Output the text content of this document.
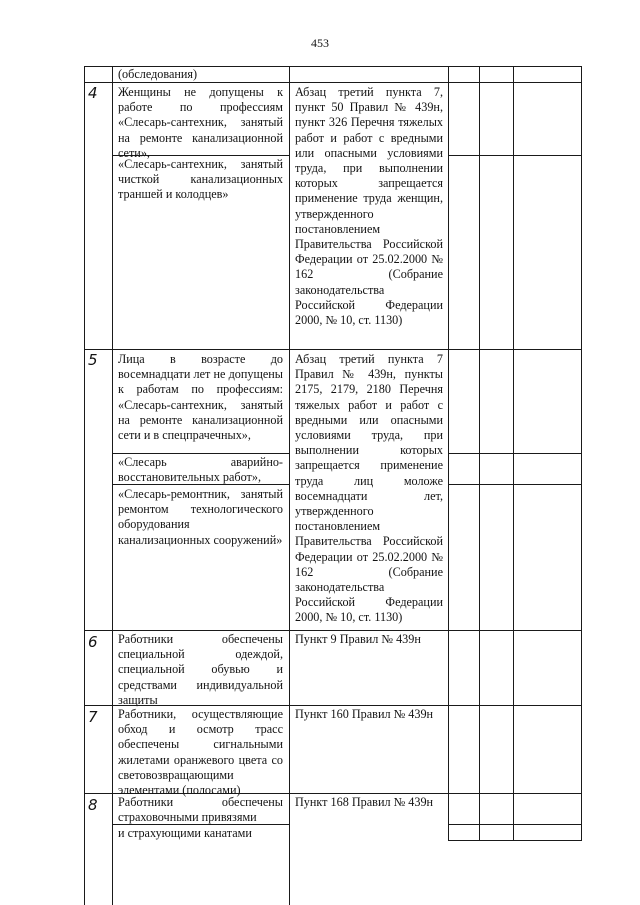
453
(обследования)
4 Женщины не допущены к работе по профессиям «Слесарь-сантехник, занятый на ремонте канализационной сети»,
«Слесарь-сантехник, занятый чисткой канализационных траншей и колодцев»
Абзац третий пункта 7, пункт 50 Правил № 439н, пункт 326 Перечня тяжелых работ и работ с вредными или опасными условиями труда, при выполнении которых запрещается применение труда женщин, утвержденного постановлением Правительства Российской Федерации от 25.02.2000 № 162 (Собрание законодательства Российской Федерации 2000, № 10, ст. 1130)
5 Лица в возрасте до восемнадцати лет не допущены к работам по профессиям: «Слесарь-сантехник, занятый на ремонте канализационной сети и в спецпрачечных»,
«Слесарь аварийно-восстановительных работ»,
«Слесарь-ремонтник, занятый ремонтом технологического оборудования канализационных сооружений»
Абзац третий пункта 7 Правил № 439н, пункты 2175, 2179, 2180 Перечня тяжелых работ и работ с вредными или опасными условиями труда, при выполнении которых запрещается применение труда лиц моложе восемнадцати лет, утвержденного постановлением Правительства Российской Федерации от 25.02.2000 № 162 (Собрание законодательства Российской Федерации 2000, № 10, ст. 1130)
6 Работники обеспечены специальной одеждой, специальной обувью и средствами индивидуальной защиты
Пункт 9 Правил № 439н
7 Работники, осуществляющие обход и осмотр трасс обеспечены сигнальными жилетами оранжевого цвета со световозвращающими элементами (полосами)
Пункт 160 Правил № 439н
8 Работники обеспечены страховочными привязями
и страхующими канатами
Пункт 168 Правил № 439н
